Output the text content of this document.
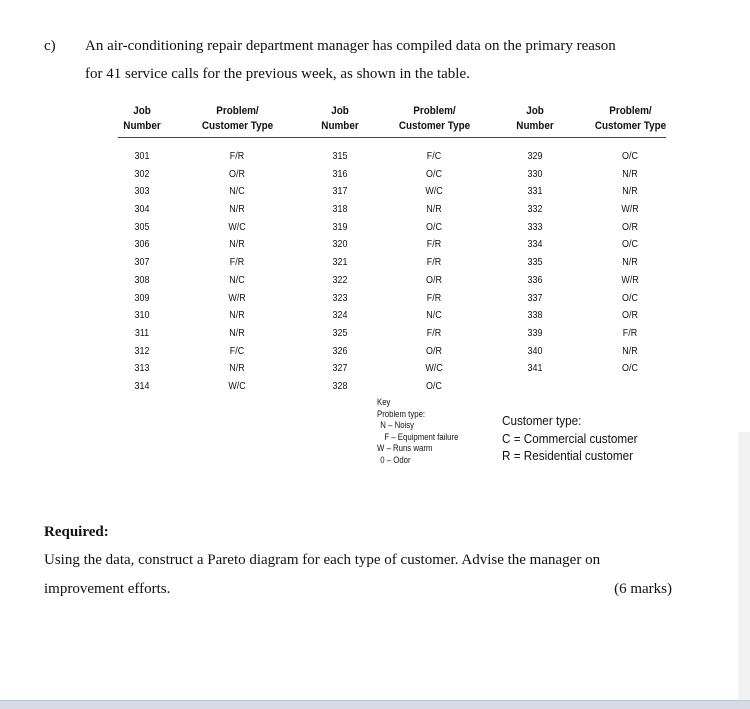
c) An air-conditioning repair department manager has compiled data on the primary reason
for 41 service calls for the previous week, as shown in the table.
Job
Number
Problem/
Customer Type
Job
Number
Problem/
Customer Type
Job
Number
Problem/
Customer Type
301
302
303
304
305
306
307
308
309
310
311
312
313
314
F/R
O/R
N/C
N/R
W/C
N/R
F/R
N/C
W/R
N/R
N/R
F/C
N/R
W/C
315
316
317
318
319
320
321
322
323
324
325
326
327
328
F/C
O/C
W/C
N/R
O/C
F/R
F/R
O/R
F/R
N/C
F/R
O/R
W/C
O/C
329
330
331
332
333
334
335
336
337
338
339
340
341
O/C
N/R
N/R
W/R
O/R
O/C
N/R
W/R
O/C
O/R
F/R
N/R
O/C
Key
Problem type:
N – Noisy
F – Equipment failure
W – Runs warm
0 – Odor
Customer type:
C = Commercial customer
R = Residential customer
Required:
Using the data, construct a Pareto diagram for each type of customer. Advise the manager on
improvement efforts.	(6 marks)
